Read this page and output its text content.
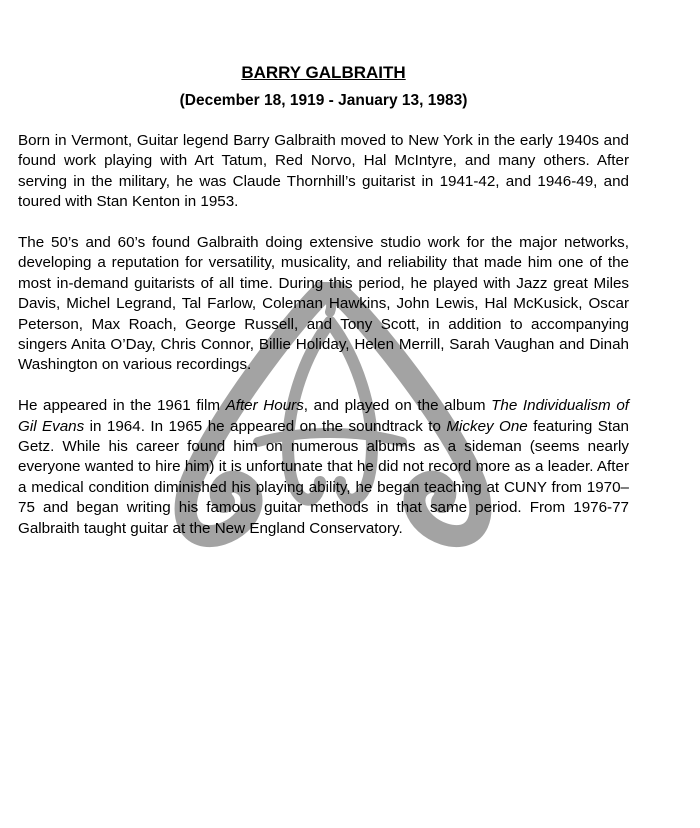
BARRY GALBRAITH
(December 18, 1919 - January 13, 1983)

Born in Vermont, Guitar legend Barry Galbraith moved to New York in the early 1940s and found work playing with Art Tatum, Red Norvo, Hal McIntyre, and many others. After serving in the military, he was Claude Thornhill’s guitarist in 1941-42, and 1946-49, and toured with Stan Kenton in 1953.

The 50’s and 60’s found Galbraith doing extensive studio work for the major networks, developing a reputation for versatility, musicality, and reliability that made him one of the most in-demand guitarists of all time. During this period, he played with Jazz great Miles Davis, Michel Legrand, Tal Farlow, Coleman Hawkins, John Lewis, Hal McKusick, Oscar Peterson, Max Roach, George Russell, and Tony Scott, in addition to accompanying singers Anita O’Day, Chris Connor, Billie Holiday, Helen Merrill, Sarah Vaughan and Dinah Washington on various recordings.

He appeared in the 1961 film After Hours, and played on the album The Individualism of Gil Evans in 1964. In 1965 he appeared on the soundtrack to Mickey One featuring Stan Getz. While his career found him on numerous albums as a sideman (seems nearly everyone wanted to hire him) it is unfortunate that he did not record more as a leader. After a medical condition diminished his playing ability, he began teaching at CUNY from 1970–75 and began writing his famous guitar methods in that same period. From 1976-77 Galbraith taught guitar at the New England Conservatory.
